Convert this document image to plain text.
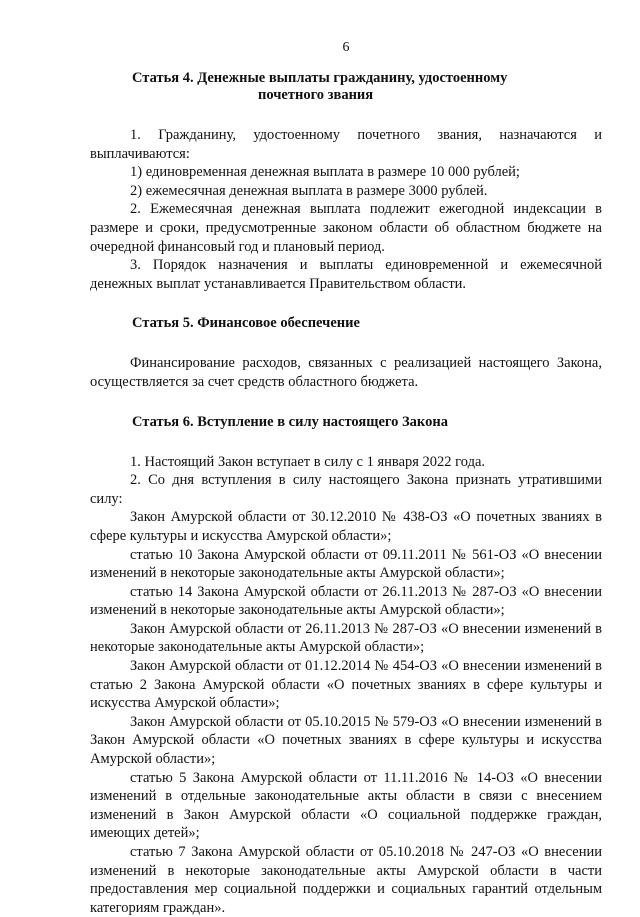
6
Статья 4. Денежные выплаты гражданину, удостоенному
почетного звания

1. Гражданину, удостоенному почетного звания, назначаются и выплачиваются:

1) единовременная денежная выплата в размере 10 000 рублей;

2) ежемесячная денежная выплата в размере 3000 рублей.

2. Ежемесячная денежная выплата подлежит ежегодной индексации в размере и сроки, предусмотренные законом области об областном бюджете на очередной финансовый год и плановый период.

3. Порядок назначения и выплаты единовременной и ежемесячной денежных выплат устанавливается Правительством области.

Статья 5. Финансовое обеспечение

Финансирование расходов, связанных с реализацией настоящего Закона, осуществляется за счет средств областного бюджета.

Статья 6. Вступление в силу настоящего Закона

1. Настоящий Закон вступает в силу с 1 января 2022 года.

2. Со дня вступления в силу настоящего Закона признать утратившими силу:

Закон Амурской области от 30.12.2010 № 438-ОЗ «О почетных званиях в сфере культуры и искусства Амурской области»;

статью 10 Закона Амурской области от 09.11.2011 № 561-ОЗ «О внесении изменений в некоторые законодательные акты Амурской области»;

статью 14 Закона Амурской области от 26.11.2013 № 287-ОЗ «О внесении изменений в некоторые законодательные акты Амурской области»;

Закон Амурской области от 26.11.2013 № 287-ОЗ «О внесении изменений в некоторые законодательные акты Амурской области»;

Закон Амурской области от 01.12.2014 № 454-ОЗ «О внесении изменений в статью 2 Закона Амурской области «О почетных званиях в сфере культуры и искусства Амурской области»;

Закон Амурской области от 05.10.2015 № 579-ОЗ «О внесении изменений в Закон Амурской области «О почетных званиях в сфере культуры и искусства Амурской области»;

статью 5 Закона Амурской области от 11.11.2016 № 14-ОЗ «О внесении изменений в отдельные законодательные акты области в связи с внесением изменений в Закон Амурской области «О социальной поддержке граждан, имеющих детей»;

статью 7 Закона Амурской области от 05.10.2018 № 247-ОЗ «О внесении изменений в некоторые законодательные акты Амурской области в части предоставления мер социальной поддержки и социальных гарантий отдельным категориям граждан».
